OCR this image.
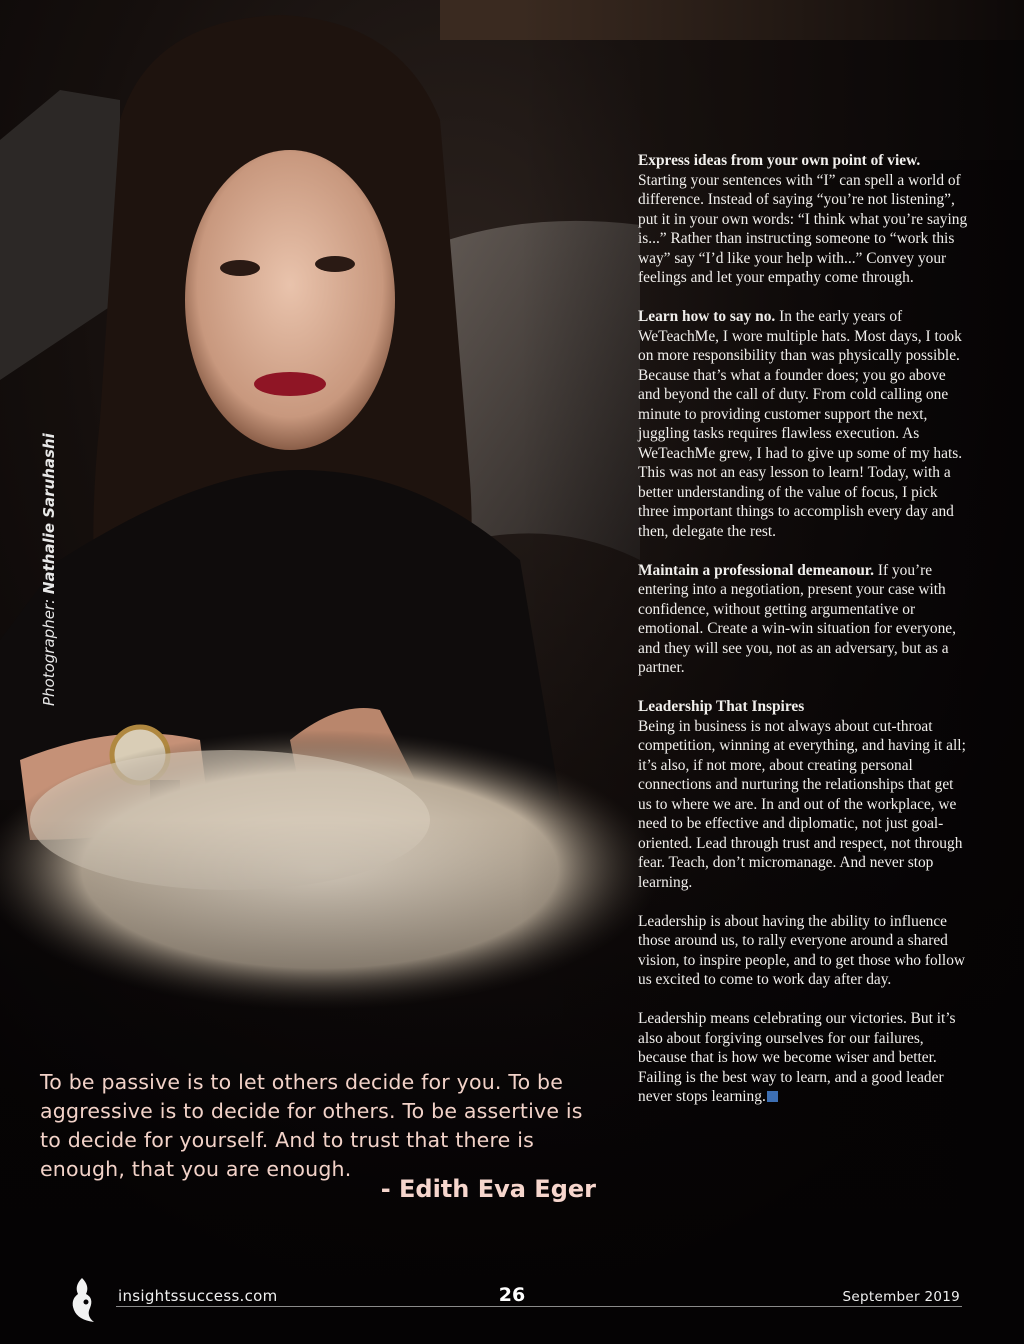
Photographer: Nathalie Saruhashi

Express ideas from your own point of view. Starting your sentences with “I” can spell a world of difference. Instead of saying “you’re not listening”, put it in your own words: “I think what you’re saying is...” Rather than instructing someone to “work this way” say “I’d like your help with...” Convey your feelings and let your empathy come through.

Learn how to say no. In the early years of WeTeachMe, I wore multiple hats. Most days, I took on more responsibility than was physically possible. Because that’s what a founder does; you go above and beyond the call of duty. From cold calling one minute to providing customer support the next, juggling tasks requires flawless execution. As WeTeachMe grew, I had to give up some of my hats. This was not an easy lesson to learn! Today, with a better understanding of the value of focus, I pick three important things to accomplish every day and then, delegate the rest.

Maintain a professional demeanour. If you’re entering into a negotiation, present your case with confidence, without getting argumentative or emotional. Create a win-win situation for everyone, and they will see you, not as an adversary, but as a partner.

Leadership That Inspires

Being in business is not always about cut-throat competition, winning at everything, and having it all; it’s also, if not more, about creating personal connections and nurturing the relationships that get us to where we are. In and out of the workplace, we need to be effective and diplomatic, not just goal-oriented. Lead through trust and respect, not through fear. Teach, don’t micromanage. And never stop learning.

Leadership is about having the ability to influence those around us, to rally everyone around a shared vision, to inspire people, and to get those who follow us excited to come to work day after day.

Leadership means celebrating our victories. But it’s also about forgiving ourselves for our failures, because that is how we become wiser and better. Failing is the best way to learn, and a good leader never stops learning.

To be passive is to let others decide for you. To be aggressive is to decide for others. To be assertive is to decide for yourself. And to trust that there is enough, that you are enough.
- Edith Eva Eger
insightssuccess.com	26	September 2019
